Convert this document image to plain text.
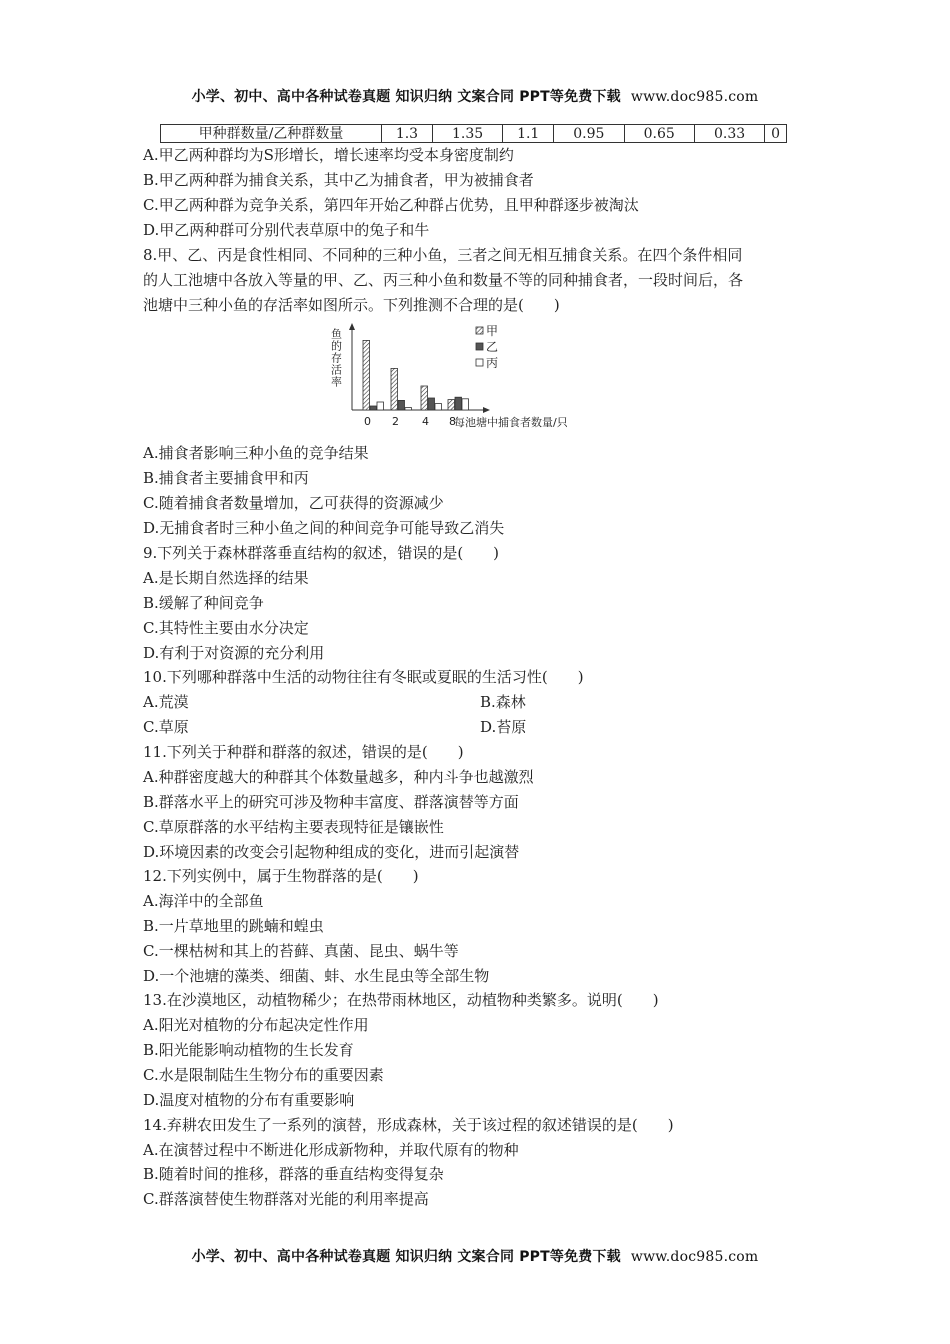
小学、初中、高中各种试卷真题 知识归纳 文案合同 PPT等免费下载 www.doc985.com
甲种群数量/乙种群数量	1.3	1.35	1.1	0.95	0.65	0.33	0
A.甲乙两种群均为S形增长，增长速率均受本身密度制约
B.甲乙两种群为捕食关系，其中乙为捕食者，甲为被捕食者
C.甲乙两种群为竞争关系，第四年开始乙种群占优势，且甲种群逐步被淘汰
D.甲乙两种群可分别代表草原中的兔子和牛
8.甲、乙、丙是食性相同、不同种的三种小鱼，三者之间无相互捕食关系。在四个条件相同
的人工池塘中各放入等量的甲、乙、丙三种小鱼和数量不等的同种捕食者，一段时间后，各
池塘中三种小鱼的存活率如图所示。下列推测不合理的是(　　)
鱼的存活率
0 2 4 8
每池塘中捕食者数量/只
甲
乙
丙
A.捕食者影响三种小鱼的竞争结果
B.捕食者主要捕食甲和丙
C.随着捕食者数量增加，乙可获得的资源减少
D.无捕食者时三种小鱼之间的种间竞争可能导致乙消失
9.下列关于森林群落垂直结构的叙述，错误的是(　　)
A.是长期自然选择的结果
B.缓解了种间竞争
C.其特性主要由水分决定
D.有利于对资源的充分利用
10.下列哪种群落中生活的动物往往有冬眠或夏眠的生活习性(　　)
A.荒漠	B.森林
C.草原	D.苔原
11.下列关于种群和群落的叙述，错误的是(　　)
A.种群密度越大的种群其个体数量越多，种内斗争也越激烈
B.群落水平上的研究可涉及物种丰富度、群落演替等方面
C.草原群落的水平结构主要表现特征是镶嵌性
D.环境因素的改变会引起物种组成的变化，进而引起演替
12.下列实例中，属于生物群落的是(　　)
A.海洋中的全部鱼
B.一片草地里的跳蝻和蝗虫
C.一棵枯树和其上的苔藓、真菌、昆虫、蜗牛等
D.一个池塘的藻类、细菌、蚌、水生昆虫等全部生物
13.在沙漠地区，动植物稀少；在热带雨林地区，动植物种类繁多。说明(　　)
A.阳光对植物的分布起决定性作用
B.阳光能影响动植物的生长发育
C.水是限制陆生生物分布的重要因素
D.温度对植物的分布有重要影响
14.弃耕农田发生了一系列的演替，形成森林，关于该过程的叙述错误的是(　　)
A.在演替过程中不断进化形成新物种，并取代原有的物种
B.随着时间的推移，群落的垂直结构变得复杂
C.群落演替使生物群落对光能的利用率提高
小学、初中、高中各种试卷真题 知识归纳 文案合同 PPT等免费下载 www.doc985.com
